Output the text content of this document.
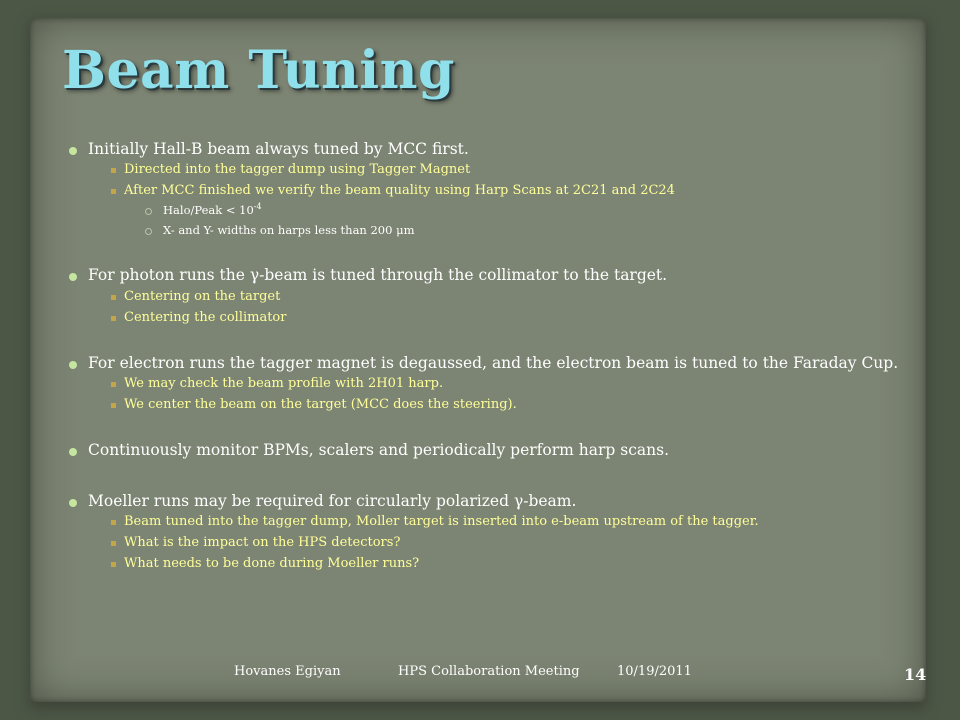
Beam Tuning

Initially Hall-B beam always tuned by MCC first.

Directed into the tagger dump using Tagger Magnet

After MCC finished we verify the beam quality using Harp Scans at 2C21 and 2C24

Halo/Peak < $10^{-4}$

X- and Y- widths on harps less than 200 μm

For photon runs the γ-beam is tuned through the collimator to the target.

Centering on the target

Centering the collimator

For electron runs the tagger magnet is degaussed, and the electron beam is tuned to the Faraday Cup.

We may check the beam profile with 2H01 harp.

We center the beam on the target (MCC does the steering).

Continuously monitor BPMs, scalers and periodically perform harp scans.

Moeller runs may be required for circularly polarized γ-beam.

Beam tuned into the tagger dump, Moller target is inserted into e-beam upstream of the tagger.

What is the impact on the HPS detectors?

What needs to be done during Moeller runs?

Hovanes Egiyan	HPS Collaboration Meeting	10/19/2011	14
